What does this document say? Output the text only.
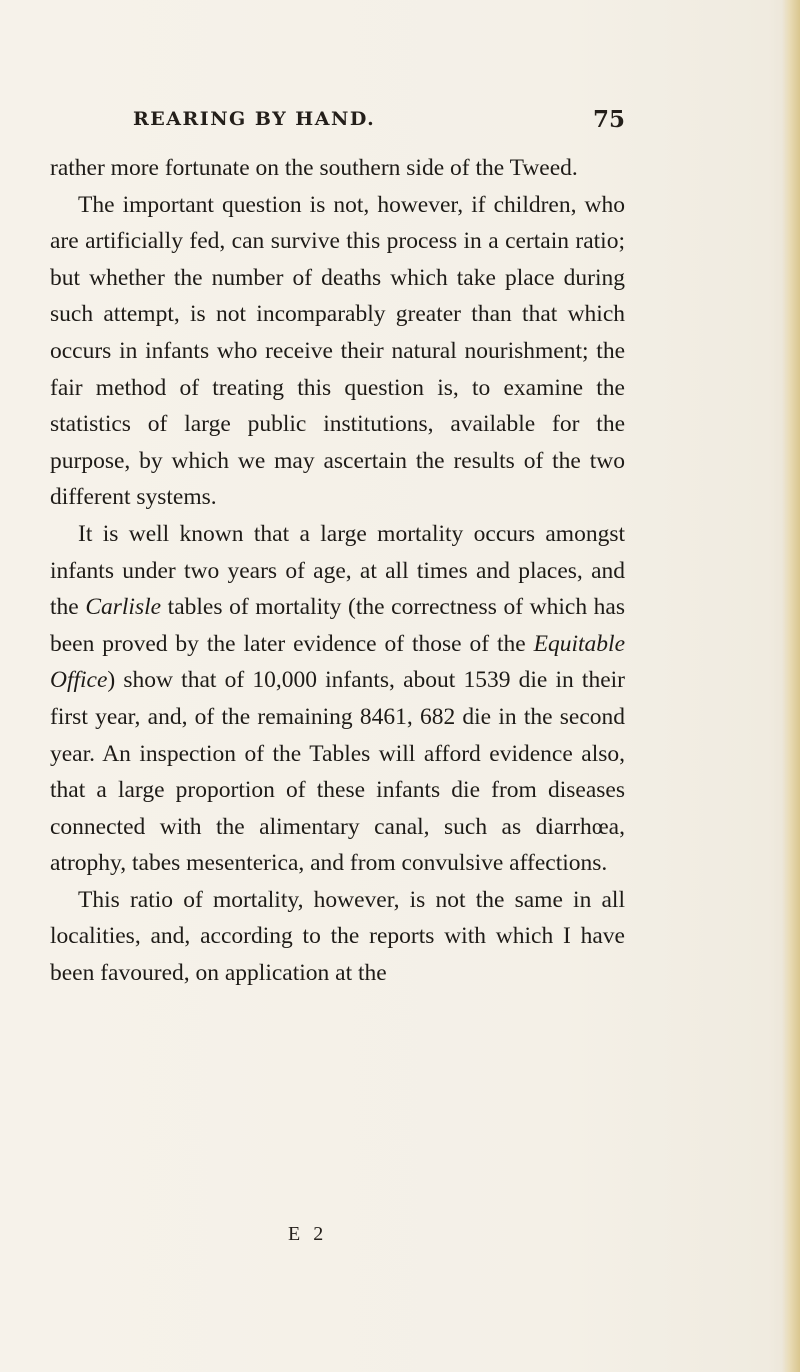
REARING BY HAND.	75

rather more fortunate on the southern side of the Tweed.

The important question is not, however, if children, who are artificially fed, can survive this process in a certain ratio; but whether the number of deaths which take place during such attempt, is not incomparably greater than that which occurs in infants who receive their natural nourishment; the fair method of treating this question is, to examine the statistics of large public institutions, available for the purpose, by which we may ascertain the results of the two different systems.

It is well known that a large mortality occurs amongst infants under two years of age, at all times and places, and the Carlisle tables of mortality (the correctness of which has been proved by the later evidence of those of the Equitable Office) show that of 10,000 infants, about 1539 die in their first year, and, of the remaining 8461, 682 die in the second year. An inspection of the Tables will afford evidence also, that a large proportion of these infants die from diseases connected with the alimentary canal, such as diarrhœa, atrophy, tabes mesenterica, and from convulsive affections.

This ratio of mortality, however, is not the same in all localities, and, according to the reports with which I have been favoured, on application at the

E 2
